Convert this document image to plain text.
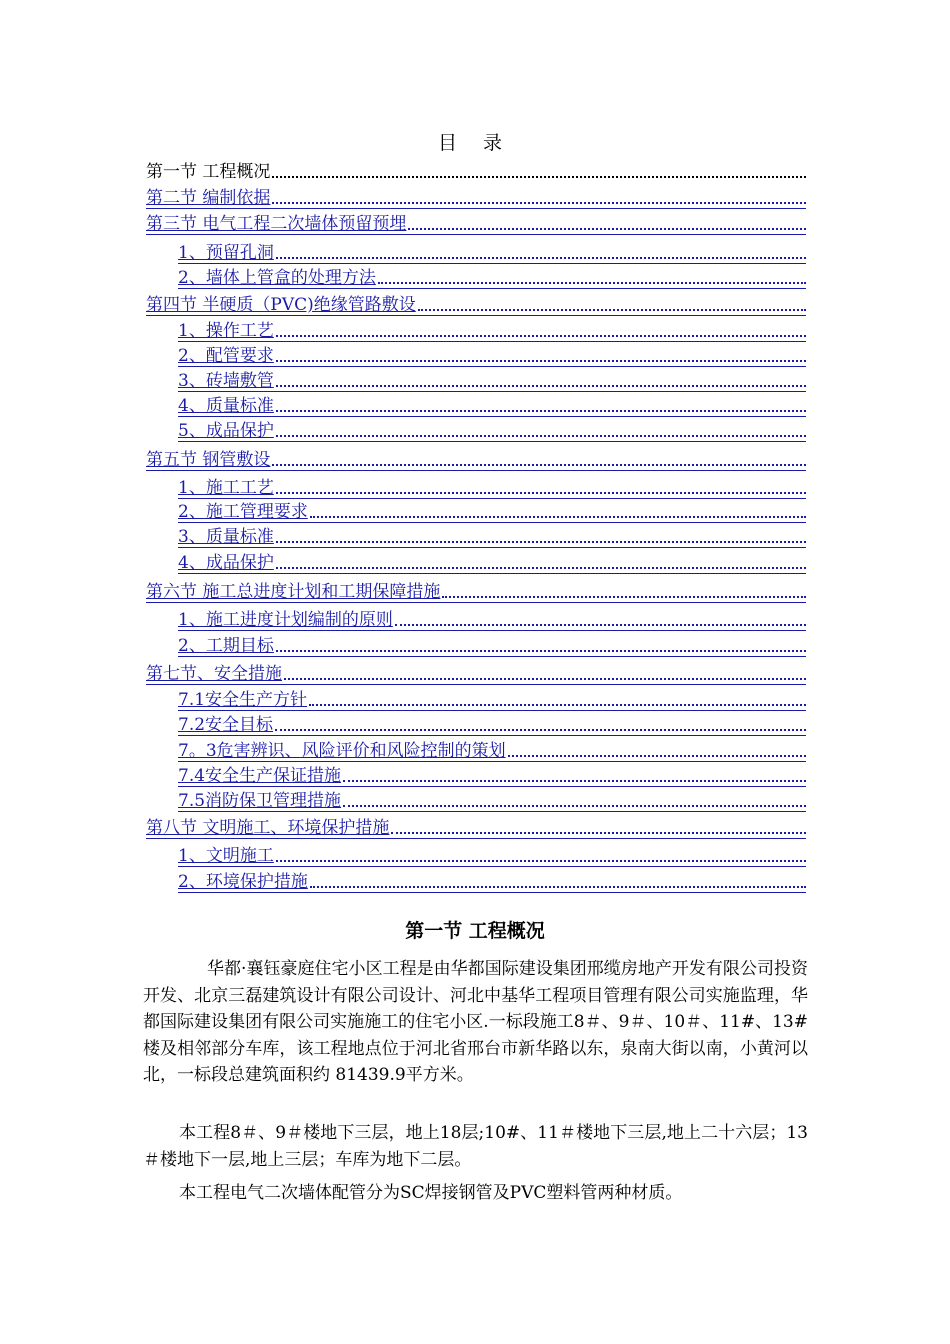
目 录
第一节 工程概况
第二节 编制依据
第三节 电气工程二次墙体预留预埋
1、预留孔洞
2、墙体上管盒的处理方法
第四节 半硬质（PVC)绝缘管路敷设
1、操作工艺
2、配管要求
3、砖墙敷管
4、质量标准
5、成品保护
第五节 钢管敷设
1、施工工艺
2、施工管理要求
3、质量标准
4、成品保护
第六节 施工总进度计划和工期保障措施
1、施工进度计划编制的原则
2、工期目标
第七节、安全措施
7.1安全生产方针
7.2安全目标
7。3危害辨识、风险评价和风险控制的策划
7.4安全生产保证措施
7.5消防保卫管理措施
第八节 文明施工、环境保护措施
1、文明施工
2、环境保护措施
第一节 工程概况
华都·襄钰豪庭住宅小区工程是由华都国际建设集团邢缆房地产开发有限公司投资开发、北京三磊建筑设计有限公司设计、河北中基华工程项目管理有限公司实施监理，华都国际建设集团有限公司实施施工的住宅小区.一标段施工8＃、9＃、10＃、11#、13#楼及相邻部分车库，该工程地点位于河北省邢台市新华路以东，泉南大街以南，小黄河以北，一标段总建筑面积约 81439.9平方米。
本工程8＃、9＃楼地下三层，地上18层;10#、11＃楼地下三层,地上二十六层；13＃楼地下一层,地上三层；车库为地下二层。
本工程电气二次墙体配管分为SC焊接钢管及PVC塑料管两种材质。
